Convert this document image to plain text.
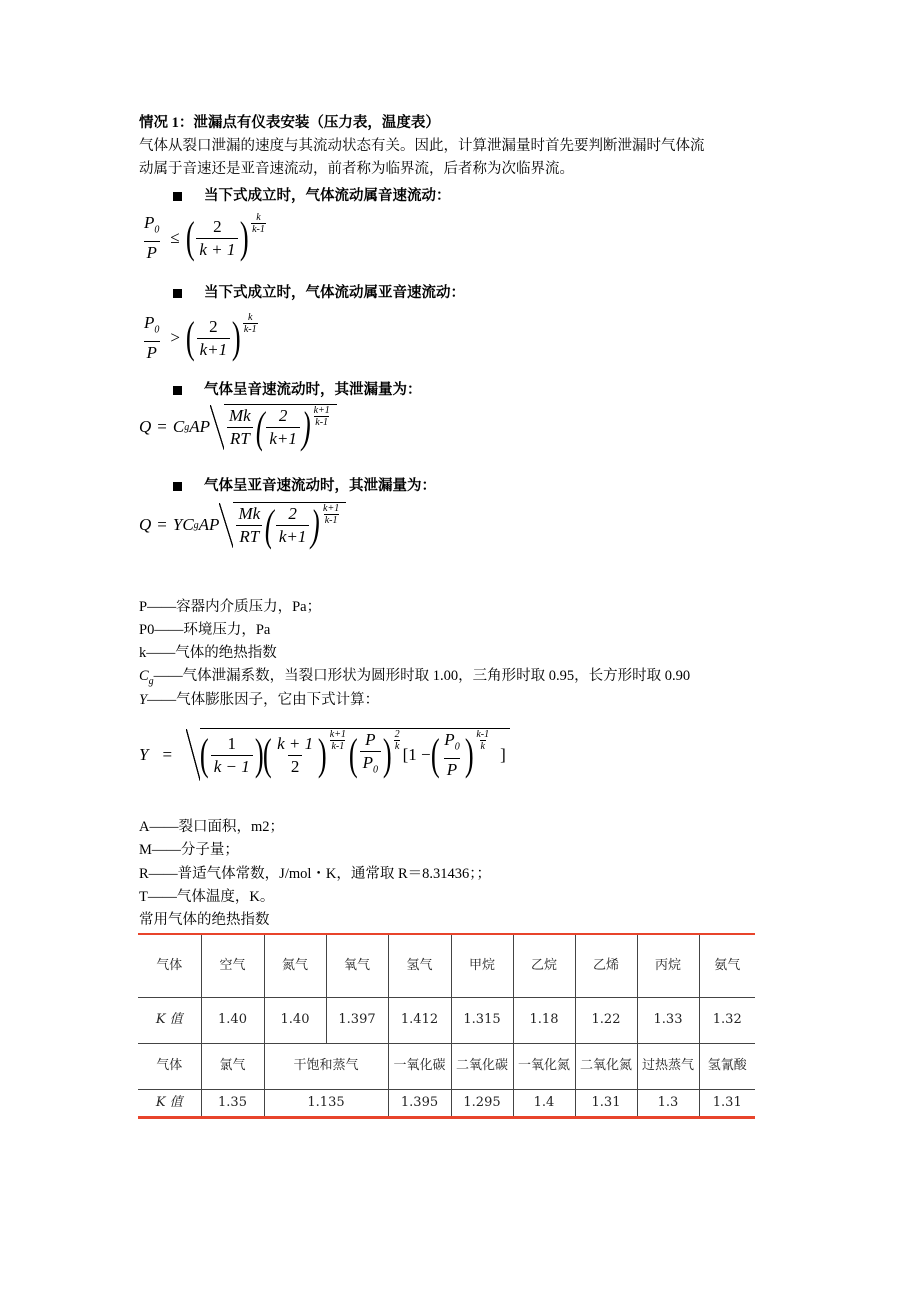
情况 1：泄漏点有仪表安装（压力表，温度表）
气体从裂口泄漏的速度与其流动状态有关。因此，计算泄漏量时首先要判断泄漏时气体流
动属于音速还是亚音速流动，前者称为临界流，后者称为次临界流。
当下式成立时，气体流动属音速流动：
$\frac{P_0}{P}$ ≤ ( $\frac{2}{k + 1}$ ) $\frac{k}{k-1}$
当下式成立时，气体流动属亚音速流动：
$\frac{P_0}{P}$ > ( $\frac{2}{k+1}$ ) $\frac{k}{k-1}$
气体呈音速流动时，其泄漏量为：
Q = C g AP $\frac{Mk}{RT}$ ( $\frac{2}{k+1}$ ) $\frac{k+1}{k-1}$
气体呈亚音速流动时，其泄漏量为：
Q = YC g AP $\frac{Mk}{RT}$ ( $\frac{2}{k+1}$ ) $\frac{k+1}{k-1}$
P——容器内介质压力，Pa；
P0——环境压力，Pa
k——气体的绝热指数
$C_g——$气体泄漏系数，当裂口形状为圆形时取 1.00，三角形时取 0.95，长方形时取 0.90
Y——气体膨胀因子，它由下式计算：
Y = ( $\frac{1}{k - 1}$ ) ( $\frac{k + 1}{2}$ ) $\frac{k+1}{k-1}$ ( $\frac{P}{P_0}$ ) $\frac{2}{k}$
[1 − ( $\frac{P_0}{P}$ ) $\frac{k-1}{k}$
]
A——裂口面积，m2；
M——分子量；
R——普适气体常数，J/mol・K，通常取 R＝8.31436；；
T——气体温度，K。
常用气体的绝热指数
气体	空气	氮气	氧气	氢气	甲烷	乙烷	乙烯	丙烷	氨气
K 值	1.40	1.40	1.397	1.412	1.315	1.18	1.22	1.33	1.32
气体	氯气	干饱和蒸气		一氧化碳	二氧化碳	一氧化氮	二氧化氮	过热蒸气	氢氰酸
K 值	1.35	1.135		1.395	1.295	1.4	1.31	1.3	1.31
